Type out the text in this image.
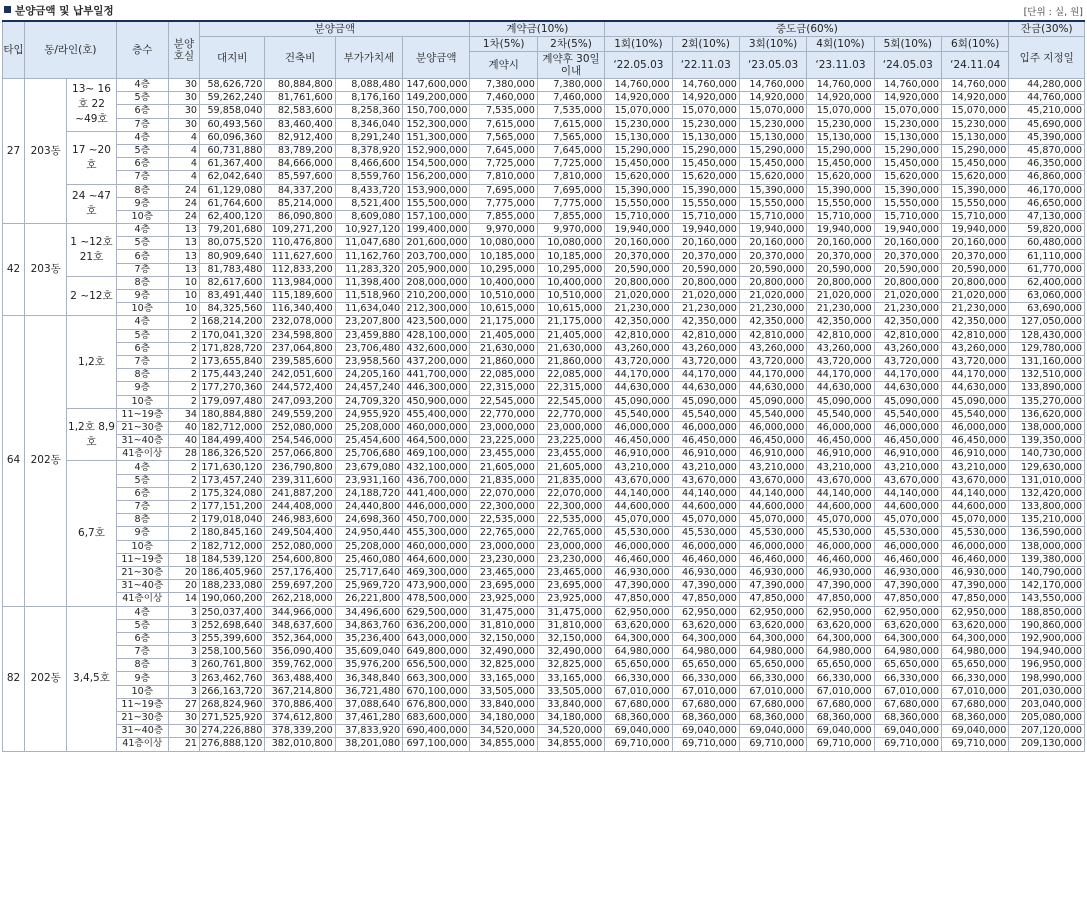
분양금액 및 납부일정	[단위 : 실, 원]
타입	동/라인(호)		층수	분양호실	분양금액				계약금(10%)		중도금(60%)						잔금(30%)
					대지비	건축비	부가가치세	분양금액	1차(5%)	2차(5%)	1회(10%)	2회(10%)	3회(10%)	4회(10%)	5회(10%)	6회(10%)	입주 지정일
									계약시	계약후 30일이내	‘22.05.03	‘22.11.03	‘23.05.03	‘23.11.03	‘24.05.03	‘24.11.04	
27	203동	13~ 16호 22 ~49호	4층	30	58,626,720	80,884,800	8,088,480	147,600,000	7,380,000	7,380,000	14,760,000	14,760,000	14,760,000	14,760,000	14,760,000	14,760,000	44,280,000
			5층	30	59,262,240	81,761,600	8,176,160	149,200,000	7,460,000	7,460,000	14,920,000	14,920,000	14,920,000	14,920,000	14,920,000	14,920,000	44,760,000
			6층	30	59,858,040	82,583,600	8,258,360	150,700,000	7,535,000	7,535,000	15,070,000	15,070,000	15,070,000	15,070,000	15,070,000	15,070,000	45,210,000
			7층	30	60,493,560	83,460,400	8,346,040	152,300,000	7,615,000	7,615,000	15,230,000	15,230,000	15,230,000	15,230,000	15,230,000	15,230,000	45,690,000
		17 ~20호	4층	4	60,096,360	82,912,400	8,291,240	151,300,000	7,565,000	7,565,000	15,130,000	15,130,000	15,130,000	15,130,000	15,130,000	15,130,000	45,390,000
			5층	4	60,731,880	83,789,200	8,378,920	152,900,000	7,645,000	7,645,000	15,290,000	15,290,000	15,290,000	15,290,000	15,290,000	15,290,000	45,870,000
			6층	4	61,367,400	84,666,000	8,466,600	154,500,000	7,725,000	7,725,000	15,450,000	15,450,000	15,450,000	15,450,000	15,450,000	15,450,000	46,350,000
			7층	4	62,042,640	85,597,600	8,559,760	156,200,000	7,810,000	7,810,000	15,620,000	15,620,000	15,620,000	15,620,000	15,620,000	15,620,000	46,860,000
		24 ~47호	8층	24	61,129,080	84,337,200	8,433,720	153,900,000	7,695,000	7,695,000	15,390,000	15,390,000	15,390,000	15,390,000	15,390,000	15,390,000	46,170,000
			9층	24	61,764,600	85,214,000	8,521,400	155,500,000	7,775,000	7,775,000	15,550,000	15,550,000	15,550,000	15,550,000	15,550,000	15,550,000	46,650,000
			10층	24	62,400,120	86,090,800	8,609,080	157,100,000	7,855,000	7,855,000	15,710,000	15,710,000	15,710,000	15,710,000	15,710,000	15,710,000	47,130,000
42	203동	1 ~12호 21호	4층	13	79,201,680	109,271,200	10,927,120	199,400,000	9,970,000	9,970,000	19,940,000	19,940,000	19,940,000	19,940,000	19,940,000	19,940,000	59,820,000
			5층	13	80,075,520	110,476,800	11,047,680	201,600,000	10,080,000	10,080,000	20,160,000	20,160,000	20,160,000	20,160,000	20,160,000	20,160,000	60,480,000
			6층	13	80,909,640	111,627,600	11,162,760	203,700,000	10,185,000	10,185,000	20,370,000	20,370,000	20,370,000	20,370,000	20,370,000	20,370,000	61,110,000
			7층	13	81,783,480	112,833,200	11,283,320	205,900,000	10,295,000	10,295,000	20,590,000	20,590,000	20,590,000	20,590,000	20,590,000	20,590,000	61,770,000
		2 ~12호	8층	10	82,617,600	113,984,000	11,398,400	208,000,000	10,400,000	10,400,000	20,800,000	20,800,000	20,800,000	20,800,000	20,800,000	20,800,000	62,400,000
			9층	10	83,491,440	115,189,600	11,518,960	210,200,000	10,510,000	10,510,000	21,020,000	21,020,000	21,020,000	21,020,000	21,020,000	21,020,000	63,060,000
			10층	10	84,325,560	116,340,400	11,634,040	212,300,000	10,615,000	10,615,000	21,230,000	21,230,000	21,230,000	21,230,000	21,230,000	21,230,000	63,690,000
64	202동	1,2호	4층	2	168,214,200	232,078,000	23,207,800	423,500,000	21,175,000	21,175,000	42,350,000	42,350,000	42,350,000	42,350,000	42,350,000	42,350,000	127,050,000
			5층	2	170,041,320	234,598,800	23,459,880	428,100,000	21,405,000	21,405,000	42,810,000	42,810,000	42,810,000	42,810,000	42,810,000	42,810,000	128,430,000
			6층	2	171,828,720	237,064,800	23,706,480	432,600,000	21,630,000	21,630,000	43,260,000	43,260,000	43,260,000	43,260,000	43,260,000	43,260,000	129,780,000
			7층	2	173,655,840	239,585,600	23,958,560	437,200,000	21,860,000	21,860,000	43,720,000	43,720,000	43,720,000	43,720,000	43,720,000	43,720,000	131,160,000
			8층	2	175,443,240	242,051,600	24,205,160	441,700,000	22,085,000	22,085,000	44,170,000	44,170,000	44,170,000	44,170,000	44,170,000	44,170,000	132,510,000
			9층	2	177,270,360	244,572,400	24,457,240	446,300,000	22,315,000	22,315,000	44,630,000	44,630,000	44,630,000	44,630,000	44,630,000	44,630,000	133,890,000
			10층	2	179,097,480	247,093,200	24,709,320	450,900,000	22,545,000	22,545,000	45,090,000	45,090,000	45,090,000	45,090,000	45,090,000	45,090,000	135,270,000
		1,2호 8,9호	11~19층	34	180,884,880	249,559,200	24,955,920	455,400,000	22,770,000	22,770,000	45,540,000	45,540,000	45,540,000	45,540,000	45,540,000	45,540,000	136,620,000
			21~30층	40	182,712,000	252,080,000	25,208,000	460,000,000	23,000,000	23,000,000	46,000,000	46,000,000	46,000,000	46,000,000	46,000,000	46,000,000	138,000,000
			31~40층	40	184,499,400	254,546,000	25,454,600	464,500,000	23,225,000	23,225,000	46,450,000	46,450,000	46,450,000	46,450,000	46,450,000	46,450,000	139,350,000
			41층이상	28	186,326,520	257,066,800	25,706,680	469,100,000	23,455,000	23,455,000	46,910,000	46,910,000	46,910,000	46,910,000	46,910,000	46,910,000	140,730,000
		6,7호	4층	2	171,630,120	236,790,800	23,679,080	432,100,000	21,605,000	21,605,000	43,210,000	43,210,000	43,210,000	43,210,000	43,210,000	43,210,000	129,630,000
			5층	2	173,457,240	239,311,600	23,931,160	436,700,000	21,835,000	21,835,000	43,670,000	43,670,000	43,670,000	43,670,000	43,670,000	43,670,000	131,010,000
			6층	2	175,324,080	241,887,200	24,188,720	441,400,000	22,070,000	22,070,000	44,140,000	44,140,000	44,140,000	44,140,000	44,140,000	44,140,000	132,420,000
			7층	2	177,151,200	244,408,000	24,440,800	446,000,000	22,300,000	22,300,000	44,600,000	44,600,000	44,600,000	44,600,000	44,600,000	44,600,000	133,800,000
			8층	2	179,018,040	246,983,600	24,698,360	450,700,000	22,535,000	22,535,000	45,070,000	45,070,000	45,070,000	45,070,000	45,070,000	45,070,000	135,210,000
			9층	2	180,845,160	249,504,400	24,950,440	455,300,000	22,765,000	22,765,000	45,530,000	45,530,000	45,530,000	45,530,000	45,530,000	45,530,000	136,590,000
			10층	2	182,712,000	252,080,000	25,208,000	460,000,000	23,000,000	23,000,000	46,000,000	46,000,000	46,000,000	46,000,000	46,000,000	46,000,000	138,000,000
			11~19층	18	184,539,120	254,600,800	25,460,080	464,600,000	23,230,000	23,230,000	46,460,000	46,460,000	46,460,000	46,460,000	46,460,000	46,460,000	139,380,000
			21~30층	20	186,405,960	257,176,400	25,717,640	469,300,000	23,465,000	23,465,000	46,930,000	46,930,000	46,930,000	46,930,000	46,930,000	46,930,000	140,790,000
			31~40층	20	188,233,080	259,697,200	25,969,720	473,900,000	23,695,000	23,695,000	47,390,000	47,390,000	47,390,000	47,390,000	47,390,000	47,390,000	142,170,000
			41층이상	14	190,060,200	262,218,000	26,221,800	478,500,000	23,925,000	23,925,000	47,850,000	47,850,000	47,850,000	47,850,000	47,850,000	47,850,000	143,550,000
82	202동	3,4,5호	4층	3	250,037,400	344,966,000	34,496,600	629,500,000	31,475,000	31,475,000	62,950,000	62,950,000	62,950,000	62,950,000	62,950,000	62,950,000	188,850,000
			5층	3	252,698,640	348,637,600	34,863,760	636,200,000	31,810,000	31,810,000	63,620,000	63,620,000	63,620,000	63,620,000	63,620,000	63,620,000	190,860,000
			6층	3	255,399,600	352,364,000	35,236,400	643,000,000	32,150,000	32,150,000	64,300,000	64,300,000	64,300,000	64,300,000	64,300,000	64,300,000	192,900,000
			7층	3	258,100,560	356,090,400	35,609,040	649,800,000	32,490,000	32,490,000	64,980,000	64,980,000	64,980,000	64,980,000	64,980,000	64,980,000	194,940,000
			8층	3	260,761,800	359,762,000	35,976,200	656,500,000	32,825,000	32,825,000	65,650,000	65,650,000	65,650,000	65,650,000	65,650,000	65,650,000	196,950,000
			9층	3	263,462,760	363,488,400	36,348,840	663,300,000	33,165,000	33,165,000	66,330,000	66,330,000	66,330,000	66,330,000	66,330,000	66,330,000	198,990,000
			10층	3	266,163,720	367,214,800	36,721,480	670,100,000	33,505,000	33,505,000	67,010,000	67,010,000	67,010,000	67,010,000	67,010,000	67,010,000	201,030,000
			11~19층	27	268,824,960	370,886,400	37,088,640	676,800,000	33,840,000	33,840,000	67,680,000	67,680,000	67,680,000	67,680,000	67,680,000	67,680,000	203,040,000
			21~30층	30	271,525,920	374,612,800	37,461,280	683,600,000	34,180,000	34,180,000	68,360,000	68,360,000	68,360,000	68,360,000	68,360,000	68,360,000	205,080,000
			31~40층	30	274,226,880	378,339,200	37,833,920	690,400,000	34,520,000	34,520,000	69,040,000	69,040,000	69,040,000	69,040,000	69,040,000	69,040,000	207,120,000
			41층이상	21	276,888,120	382,010,800	38,201,080	697,100,000	34,855,000	34,855,000	69,710,000	69,710,000	69,710,000	69,710,000	69,710,000	69,710,000	209,130,000
